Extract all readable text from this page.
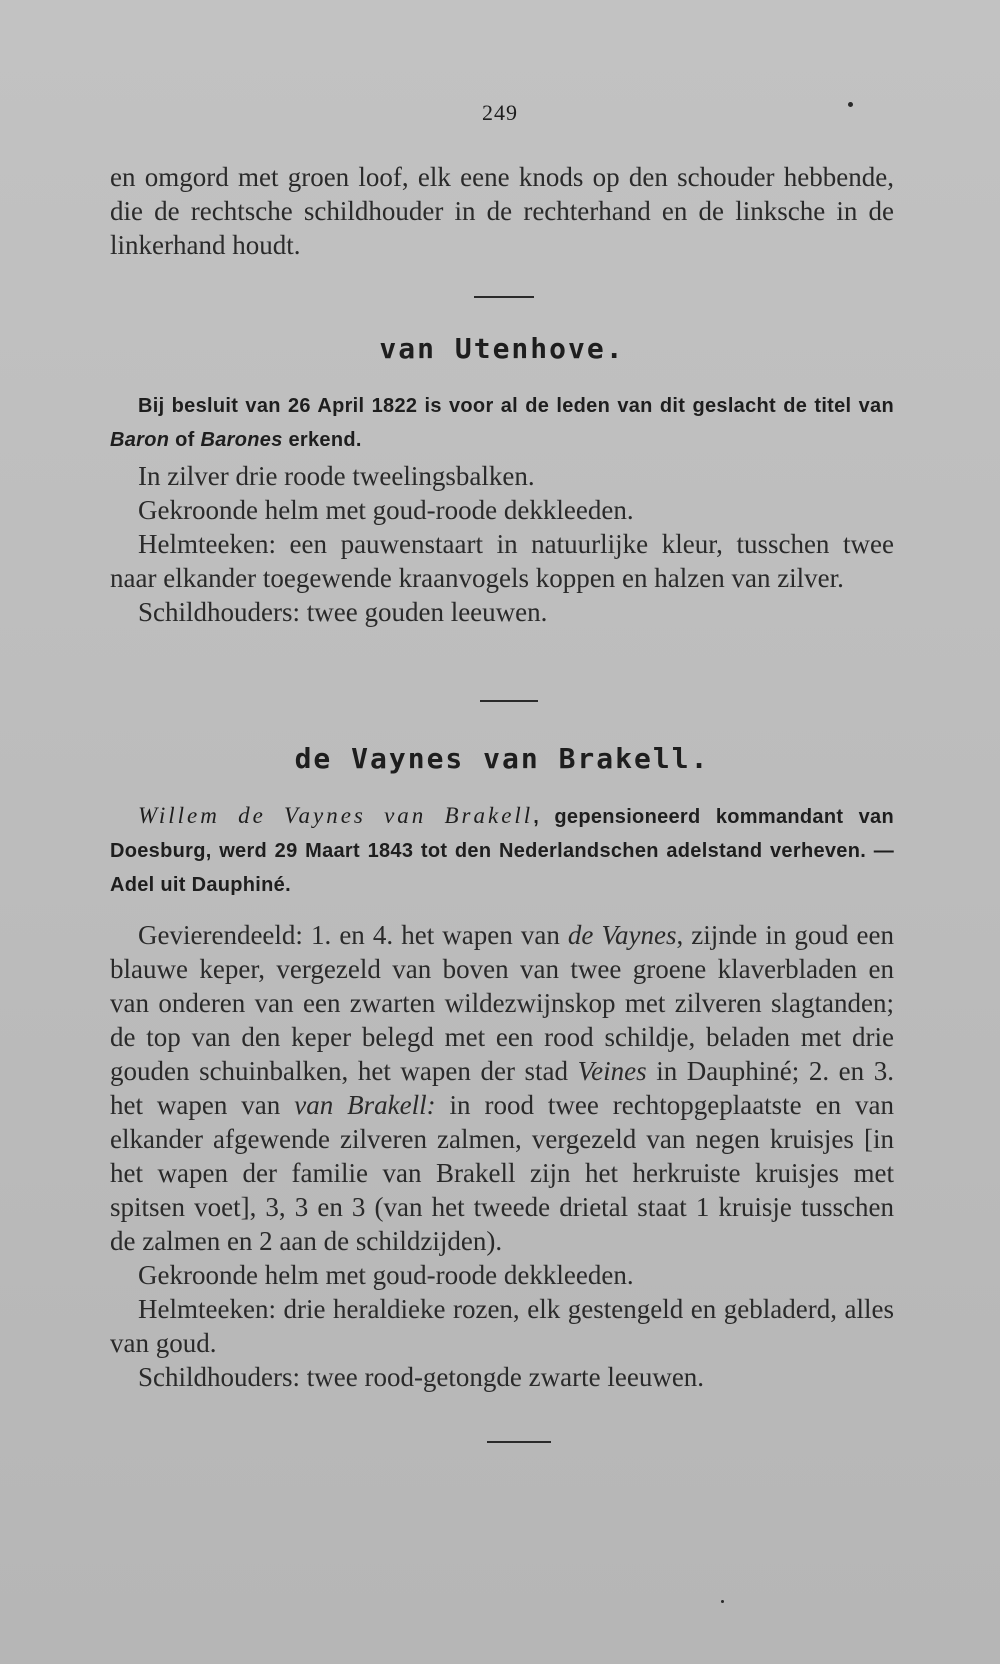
249

en omgord met groen loof, elk eene knods op den schouder hebbende, die de rechtsche schildhouder in de rechterhand en de linksche in de linkerhand houdt.

van Utenhove.

Bij besluit van 26 April 1822 is voor al de leden van dit geslacht de titel van Baron of Barones erkend.

In zilver drie roode tweelingsbalken.

Gekroonde helm met goud-roode dekkleeden.

Helmteeken: een pauwenstaart in natuurlijke kleur, tusschen twee naar elkander toegewende kraanvogels koppen en halzen van zilver.

Schildhouders: twee gouden leeuwen.

de Vaynes van Brakell.

Willem de Vaynes van Brakell, gepensioneerd kommandant van Doesburg, werd 29 Maart 1843 tot den Nederlandschen adelstand verheven. — Adel uit Dauphiné.

Gevierendeeld: 1. en 4. het wapen van de Vaynes, zijnde in goud een blauwe keper, vergezeld van boven van twee groene klaverbladen en van onderen van een zwarten wildezwijnskop met zilveren slagtanden; de top van den keper belegd met een rood schildje, beladen met drie gouden schuinbalken, het wapen der stad Veines in Dauphiné; 2. en 3. het wapen van van Brakell: in rood twee rechtopgeplaatste en van elkander afgewende zilveren zalmen, vergezeld van negen kruisjes [in het wapen der familie van Brakell zijn het herkruiste kruisjes met spitsen voet], 3, 3 en 3 (van het tweede drietal staat 1 kruisje tusschen de zalmen en 2 aan de schildzijden).

Gekroonde helm met goud-roode dekkleeden.

Helmteeken: drie heraldieke rozen, elk gestengeld en gebladerd, alles van goud.

Schildhouders: twee rood-getongde zwarte leeuwen.
